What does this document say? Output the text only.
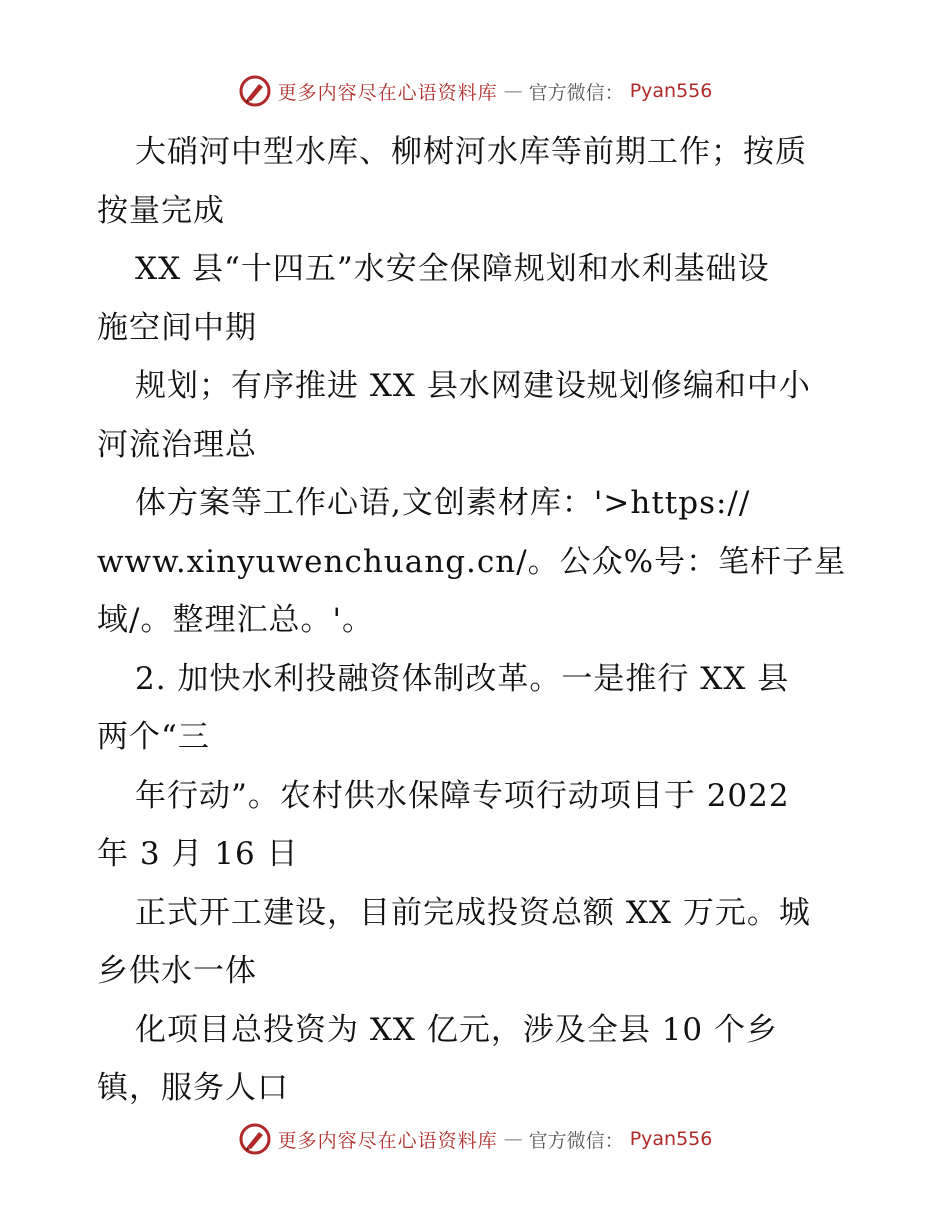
更多内容尽在心语资料库 — 官方微信： Pyan556
大硝河中型水库、柳树河水库等前期工作；按质
按量完成
XX 县“十四五”水安全保障规划和水利基础设
施空间中期
规划；有序推进 XX 县水网建设规划修编和中小
河流治理总
体方案等工作心语,文创素材库：'>https://
www.xinyuwenchuang.cn/。公众%号：笔杆子星
域/。整理汇总。'。
2. 加快水利投融资体制改革。一是推行 XX 县
两个“三
年行动”。农村供水保障专项行动项目于 2022
年 3 月 16 日
正式开工建设，目前完成投资总额 XX 万元。城
乡供水一体
化项目总投资为 XX 亿元，涉及全县 10 个乡
镇，服务人口
更多内容尽在心语资料库 — 官方微信： Pyan556
